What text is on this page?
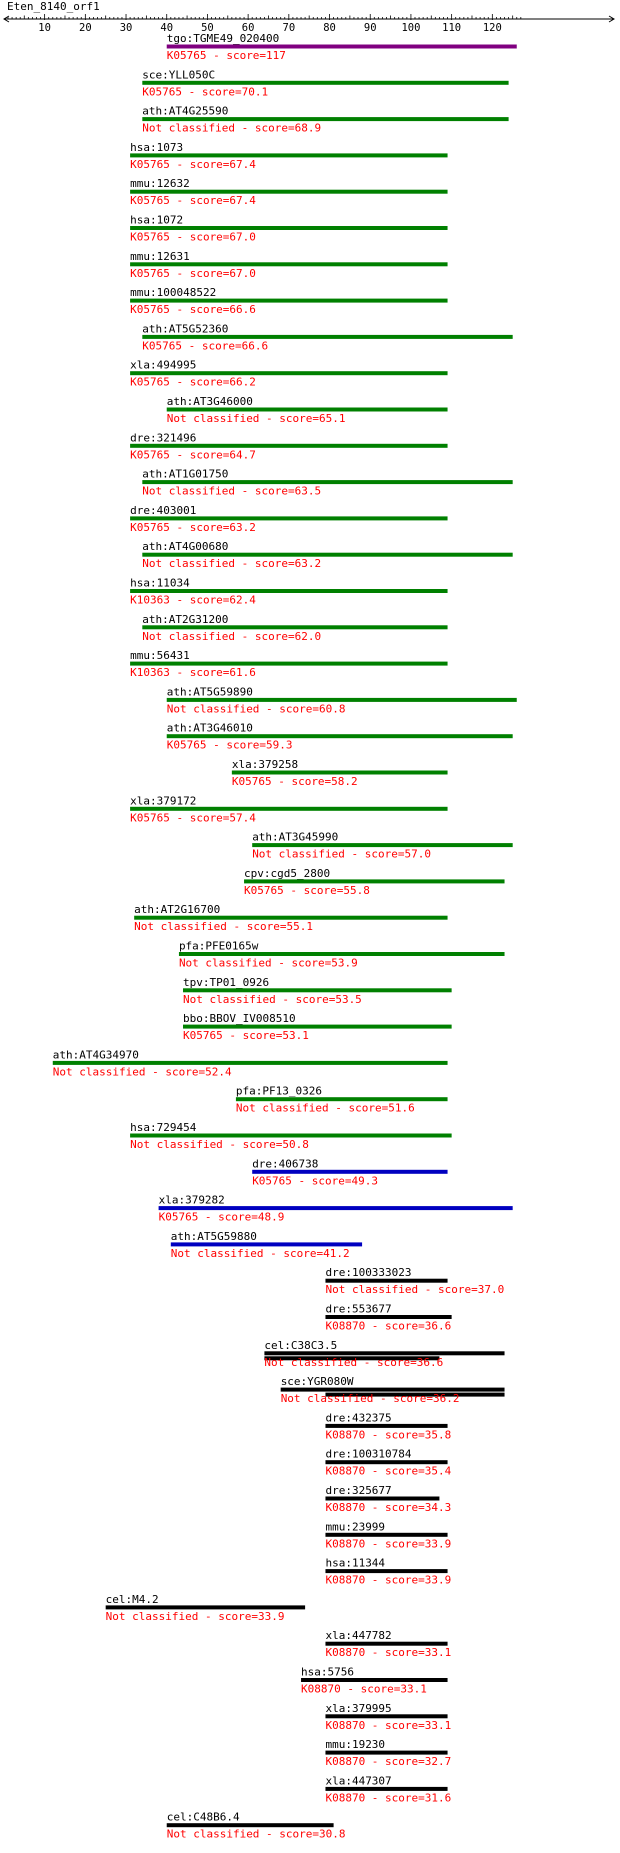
Eten_8140_orf1
10	20	30	40	50	60	70	80	90 100 110 120
tgo:TGME49_020400
K05765 - score=117
sce:YLL050C
K05765 - score=70.1
ath:AT4G25590
Not classified - score=68.9
hsa:1073
K05765 - score=67.4
mmu:12632
K05765 - score=67.4
hsa:1072
K05765 - score=67.0
mmu:12631
K05765 - score=67.0
mmu:100048522
K05765 - score=66.6
ath:AT5G52360
K05765 - score=66.6
xla:494995
K05765 - score=66.2
ath:AT3G46000
Not classified - score=65.1
dre:321496
K05765 - score=64.7
ath:AT1G01750
Not classified - score=63.5
dre:403001
K05765 - score=63.2
ath:AT4G00680
Not classified - score=63.2
hsa:11034
K10363 - score=62.4
ath:AT2G31200
Not classified - score=62.0
mmu:56431
K10363 - score=61.6
ath:AT5G59890
Not classified - score=60.8
ath:AT3G46010
K05765 - score=59.3
xla:379258
K05765 - score=58.2
xla:379172
K05765 - score=57.4
ath:AT3G45990
Not classified - score=57.0
cpv:cgd5_2800
K05765 - score=55.8
ath:AT2G16700
Not classified - score=55.1
pfa:PFE0165w
Not classified - score=53.9
tpv:TP01_0926
Not classified - score=53.5
bbo:BBOV_IV008510
K05765 - score=53.1
ath:AT4G34970
Not classified - score=52.4
pfa:PF13_0326
Not classified - score=51.6
hsa:729454
Not classified - score=50.8
dre:406738
K05765 - score=49.3
xla:379282
K05765 - score=48.9
ath:AT5G59880
Not classified - score=41.2
dre:100333023
Not classified - score=37.0
dre:553677
K08870 - score=36.6
cel:C38C3.5
Not classified - score=36.6
sce:YGR080W
Not classified - score=36.2
dre:432375
K08870 - score=35.8
dre:100310784
K08870 - score=35.4
dre:325677
K08870 - score=34.3
mmu:23999
K08870 - score=33.9
hsa:11344
K08870 - score=33.9
cel:M4.2
Not classified - score=33.9
xla:447782
K08870 - score=33.1
hsa:5756
K08870 - score=33.1
xla:379995
K08870 - score=33.1
mmu:19230
K08870 - score=32.7
xla:447307
K08870 - score=31.6
cel:C48B6.4
Not classified - score=30.8
